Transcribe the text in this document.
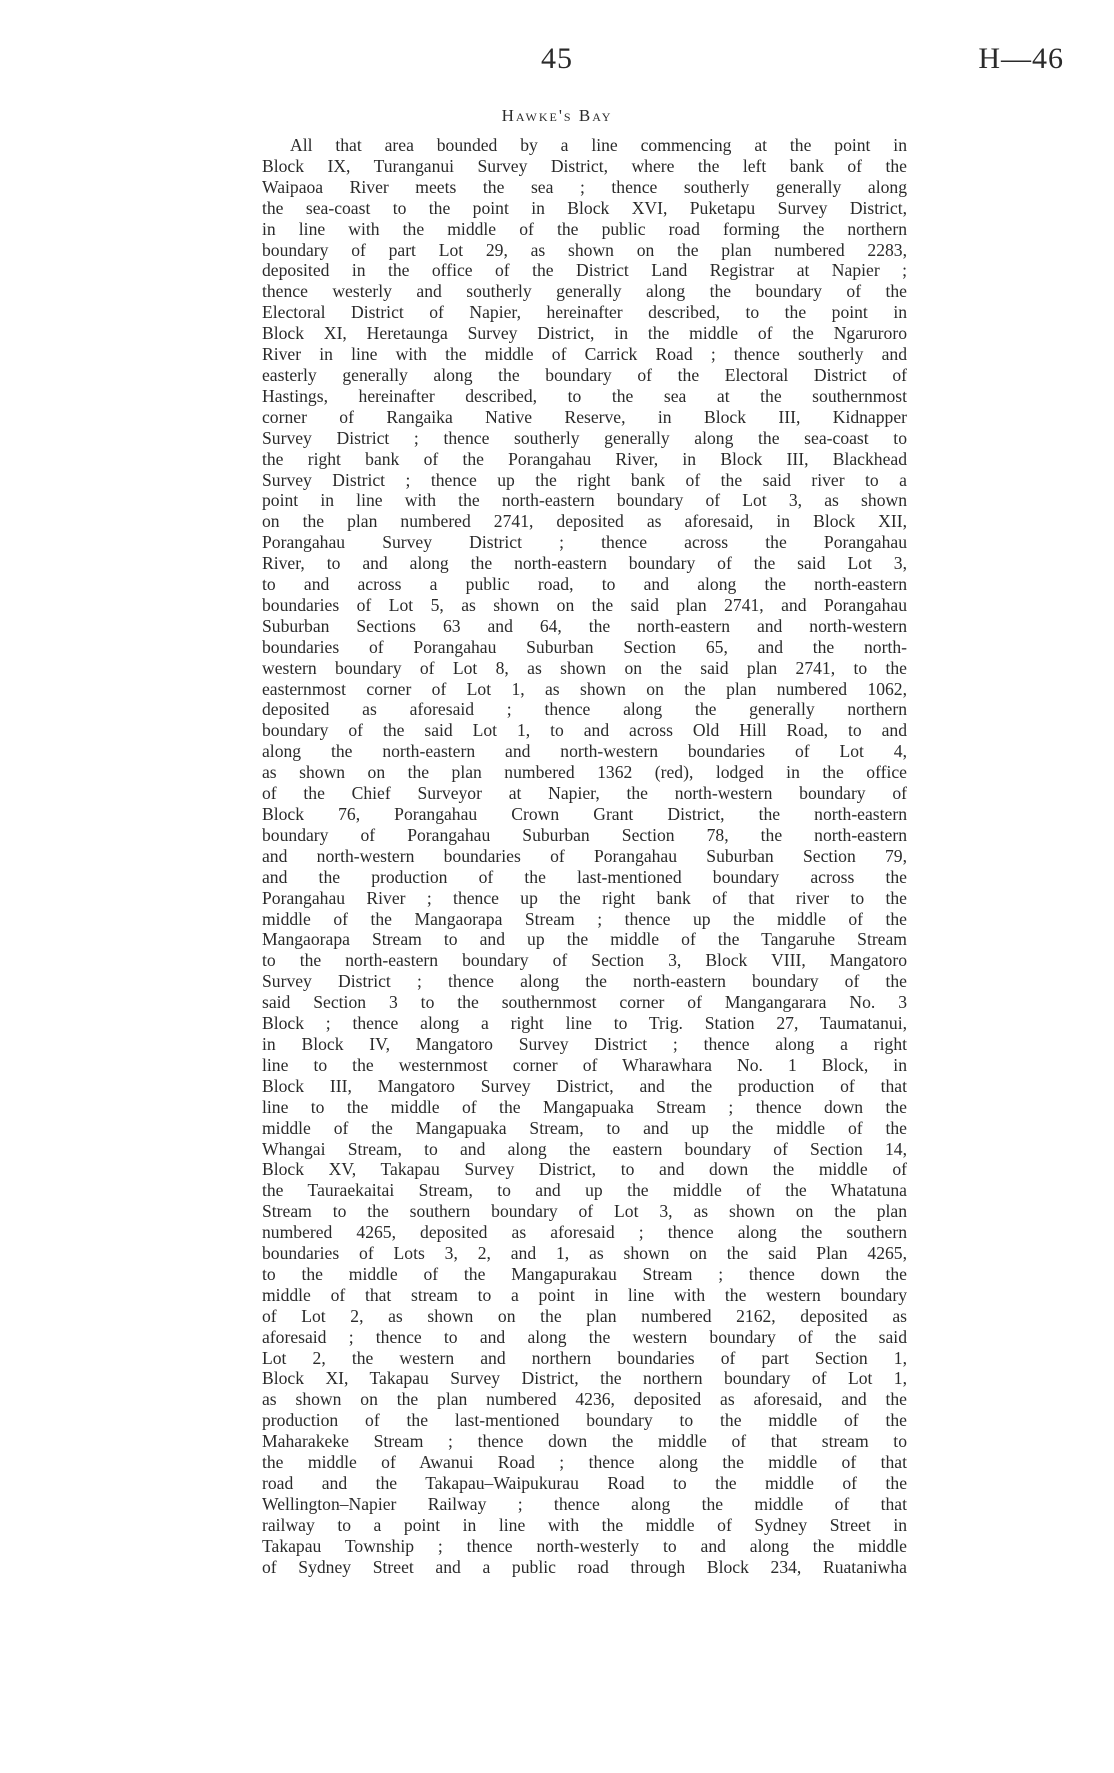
45	H—46
Hawke's Bay
All that area bounded by a line commencing at the point in
Block IX, Turanganui Survey District, where the left bank of the
Waipaoa River meets the sea ; thence southerly generally along
the sea-coast to the point in Block XVI, Puketapu Survey District,
in line with the middle of the public road forming the northern
boundary of part Lot 29, as shown on the plan numbered 2283,
deposited in the office of the District Land Registrar at Napier ;
thence westerly and southerly generally along the boundary of the
Electoral District of Napier, hereinafter described, to the point in
Block XI, Heretaunga Survey District, in the middle of the Ngaruroro
River in line with the middle of Carrick Road ; thence southerly and
easterly generally along the boundary of the Electoral District of
Hastings, hereinafter described, to the sea at the southernmost
corner of Rangaika Native Reserve, in Block III, Kidnapper
Survey District ; thence southerly generally along the sea-coast to
the right bank of the Porangahau River, in Block III, Blackhead
Survey District ; thence up the right bank of the said river to a
point in line with the north-eastern boundary of Lot 3, as shown
on the plan numbered 2741, deposited as aforesaid, in Block XII,
Porangahau Survey District ; thence across the Porangahau
River, to and along the north-eastern boundary of the said Lot 3,
to and across a public road, to and along the north-eastern
boundaries of Lot 5, as shown on the said plan 2741, and Porangahau
Suburban Sections 63 and 64, the north-eastern and north-western
boundaries of Porangahau Suburban Section 65, and the north-
western boundary of Lot 8, as shown on the said plan 2741, to the
easternmost corner of Lot 1, as shown on the plan numbered 1062,
deposited as aforesaid ; thence along the generally northern
boundary of the said Lot 1, to and across Old Hill Road, to and
along the north-eastern and north-western boundaries of Lot 4,
as shown on the plan numbered 1362 (red), lodged in the office
of the Chief Surveyor at Napier, the north-western boundary of
Block 76, Porangahau Crown Grant District, the north-eastern
boundary of Porangahau Suburban Section 78, the north-eastern
and north-western boundaries of Porangahau Suburban Section 79,
and the production of the last-mentioned boundary across the
Porangahau River ; thence up the right bank of that river to the
middle of the Mangaorapa Stream ; thence up the middle of the
Mangaorapa Stream to and up the middle of the Tangaruhe Stream
to the north-eastern boundary of Section 3, Block VIII, Mangatoro
Survey District ; thence along the north-eastern boundary of the
said Section 3 to the southernmost corner of Mangangarara No. 3
Block ; thence along a right line to Trig. Station 27, Taumatanui,
in Block IV, Mangatoro Survey District ; thence along a right
line to the westernmost corner of Wharawhara No. 1 Block, in
Block III, Mangatoro Survey District, and the production of that
line to the middle of the Mangapuaka Stream ; thence down the
middle of the Mangapuaka Stream, to and up the middle of the
Whangai Stream, to and along the eastern boundary of Section 14,
Block XV, Takapau Survey District, to and down the middle of
the Tauraekaitai Stream, to and up the middle of the Whatatuna
Stream to the southern boundary of Lot 3, as shown on the plan
numbered 4265, deposited as aforesaid ; thence along the southern
boundaries of Lots 3, 2, and 1, as shown on the said Plan 4265,
to the middle of the Mangapurakau Stream ; thence down the
middle of that stream to a point in line with the western boundary
of Lot 2, as shown on the plan numbered 2162, deposited as
aforesaid ; thence to and along the western boundary of the said
Lot 2, the western and northern boundaries of part Section 1,
Block XI, Takapau Survey District, the northern boundary of Lot 1,
as shown on the plan numbered 4236, deposited as aforesaid, and the
production of the last-mentioned boundary to the middle of the
Maharakeke Stream ; thence down the middle of that stream to
the middle of Awanui Road ; thence along the middle of that
road and the Takapau–Waipukurau Road to the middle of the
Wellington–Napier Railway ; thence along the middle of that
railway to a point in line with the middle of Sydney Street in
Takapau Township ; thence north-westerly to and along the middle
of Sydney Street and a public road through Block 234, Ruataniwha
